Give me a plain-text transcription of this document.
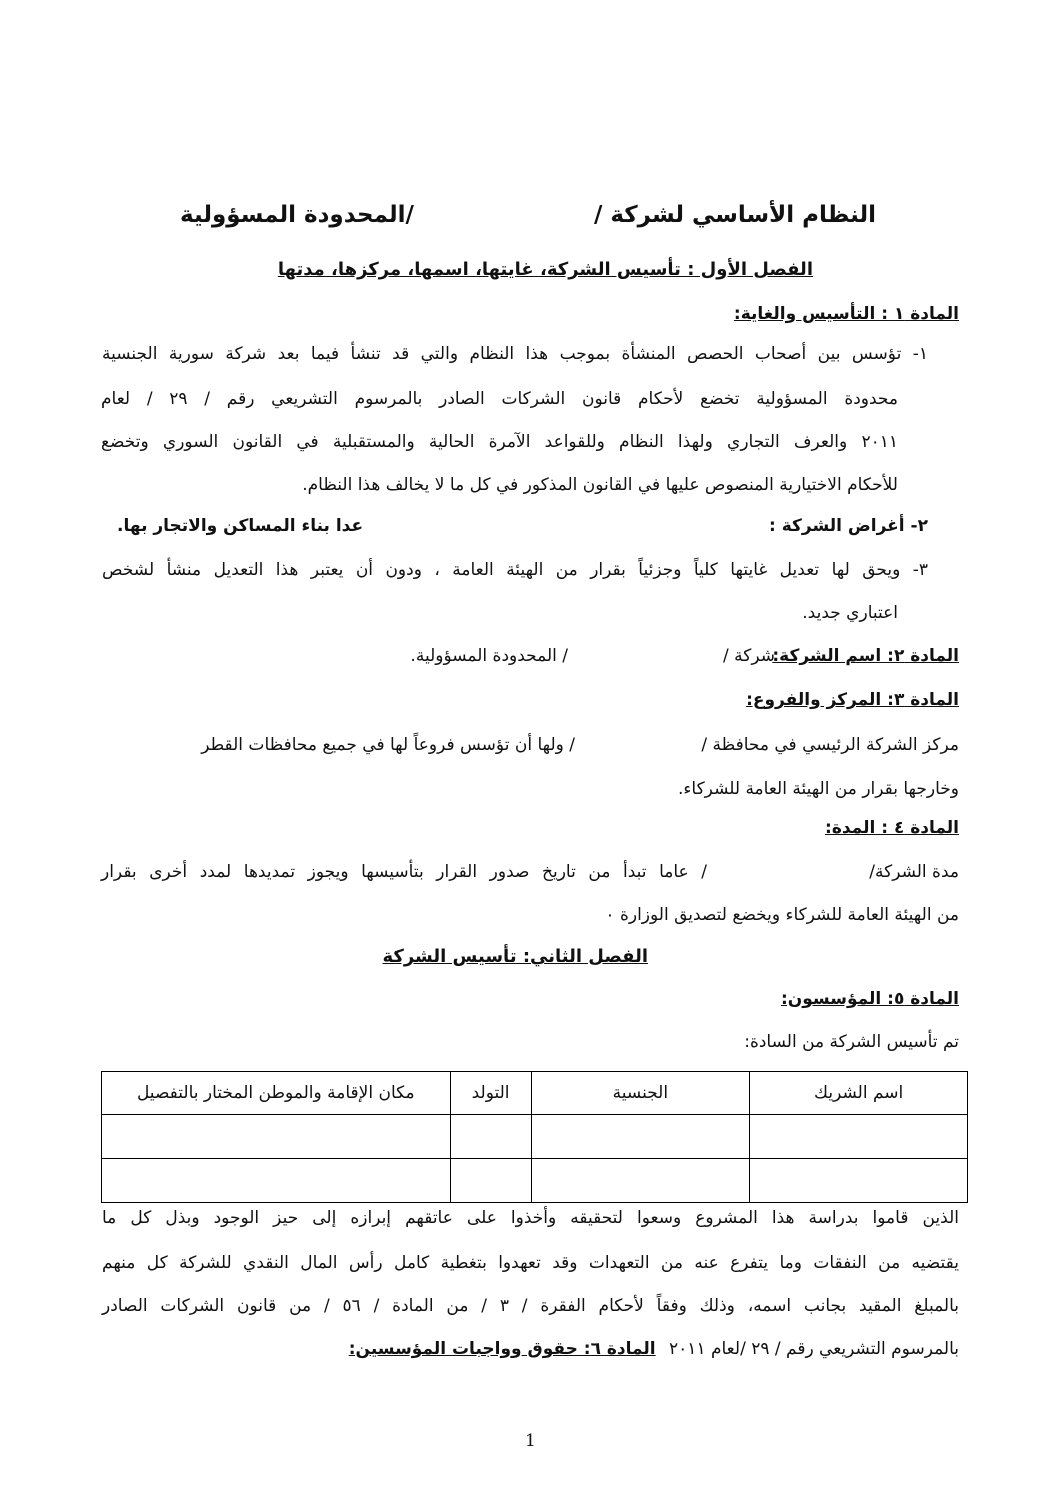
/المحدودة المسؤولية	النظام الأساسي لشركة /
الفصل الأول : تأسيس الشركة، غايتها، اسمها، مركزها، مدتها
المادة ١ : التأسيس والغاية:
١- تؤسس بين أصحاب الحصص المنشأة بموجب هذا النظام والتي قد تنشأ فيما بعد شركة سورية الجنسية
محدودة المسؤولية تخضع لأحكام قانون الشركات الصادر بالمرسوم التشريعي رقم / ٢٩ / لعام
٢٠١١ والعرف التجاري ولهذا النظام وللقواعد الآمرة الحالية والمستقبلية في القانون السوري وتخضع
للأحكام الاختيارية المنصوص عليها في القانون المذكور في كل ما لا يخالف هذا النظام.
٢- أغراض الشركة :
عدا بناء المساكن والاتجار بها.
٣- ويحق لها تعديل غايتها كلياً وجزئياً بقرار من الهيئة العامة ، ودون أن يعتبر هذا التعديل منشأ لشخص
اعتباري جديد.
المادة ٢: اسم الشركة:
شركة /
/ المحدودة المسؤولية.
المادة ٣: المركز والفروع:
مركز الشركة الرئيسي في محافظة /
/ ولها أن تؤسس فروعاً لها في جميع محافظات القطر
وخارجها بقرار من الهيئة العامة للشركاء.
المادة ٤ : المدة:
مدة الشركة/
/ عاما تبدأ من تاريخ صدور القرار بتأسيسها ويجوز تمديدها لمدد أخرى بقرار
من الهيئة العامة للشركاء ويخضع لتصديق الوزارة ٠
الفصل الثاني: تأسيس الشركة
المادة ٥: المؤسسون:
تم تأسيس الشركة من السادة:
اسم الشريك	الجنسية	التولد	مكان الإقامة والموطن المختار بالتفصيل

الذين قاموا بدراسة هذا المشروع وسعوا لتحقيقه وأخذوا على عاتقهم إبرازه إلى حيز الوجود وبذل كل ما
يقتضيه من النفقات وما يتفرع عنه من التعهدات وقد تعهدوا بتغطية كامل رأس المال النقدي للشركة كل منهم
بالمبلغ المقيد بجانب اسمه، وذلك وفقاً لأحكام الفقرة / ٣ / من المادة / ٥٦ / من قانون الشركات الصادر
بالمرسوم التشريعي رقم / ٢٩ /لعام ٢٠١١ المادة ٦: حقوق وواجبات المؤسسين:
1
